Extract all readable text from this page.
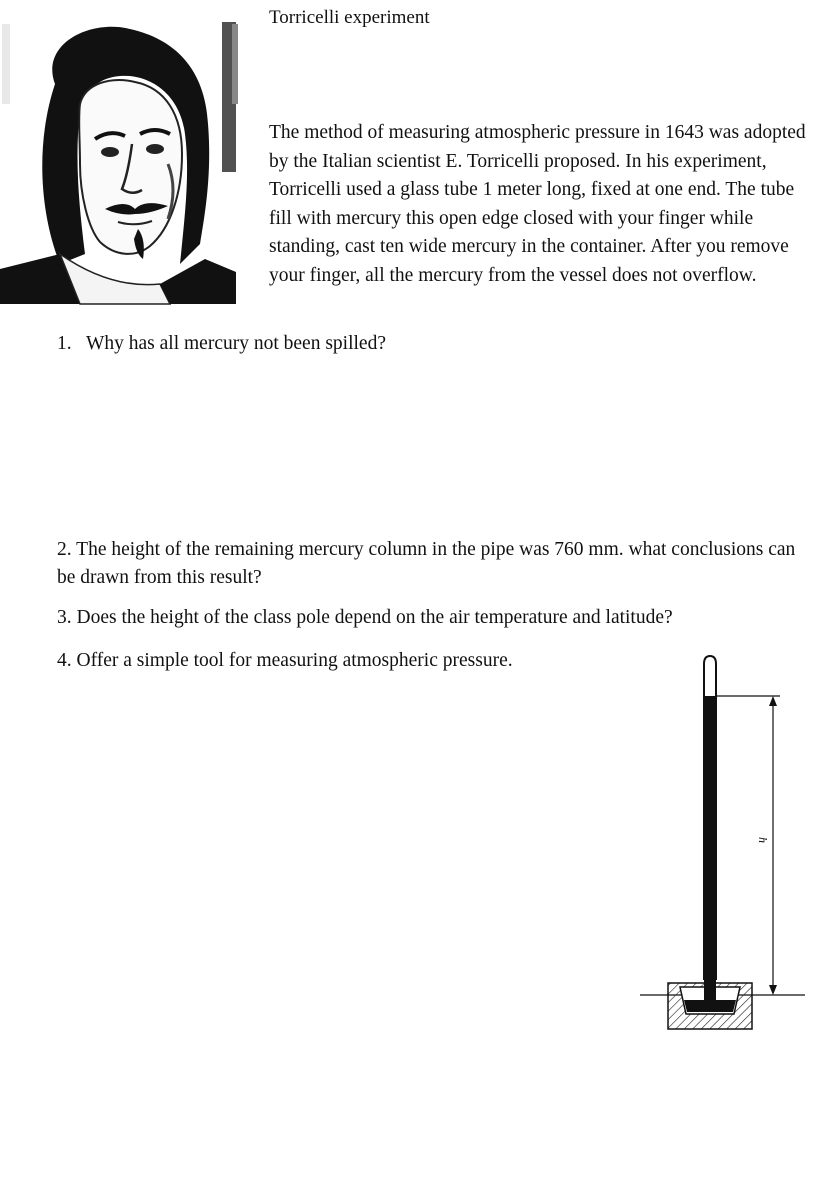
Torricelli experiment

The method of measuring atmospheric pressure in 1643 was adopted by the Italian scientist E. Torricelli proposed. In his experiment, Torricelli used a glass tube 1 meter long, fixed at one end. The tube fill with mercury this open edge closed with your finger while standing, cast ten wide mercury in the container. After you remove your finger, all the mercury from the vessel does not overflow.

1. Why has all mercury not been spilled?

2. The height of the remaining mercury column in the pipe was 760 mm. what conclusions can be drawn from this result?

3. Does the height of the class pole depend on the air temperature and latitude?

4. Offer a simple tool for measuring atmospheric pressure.

h
